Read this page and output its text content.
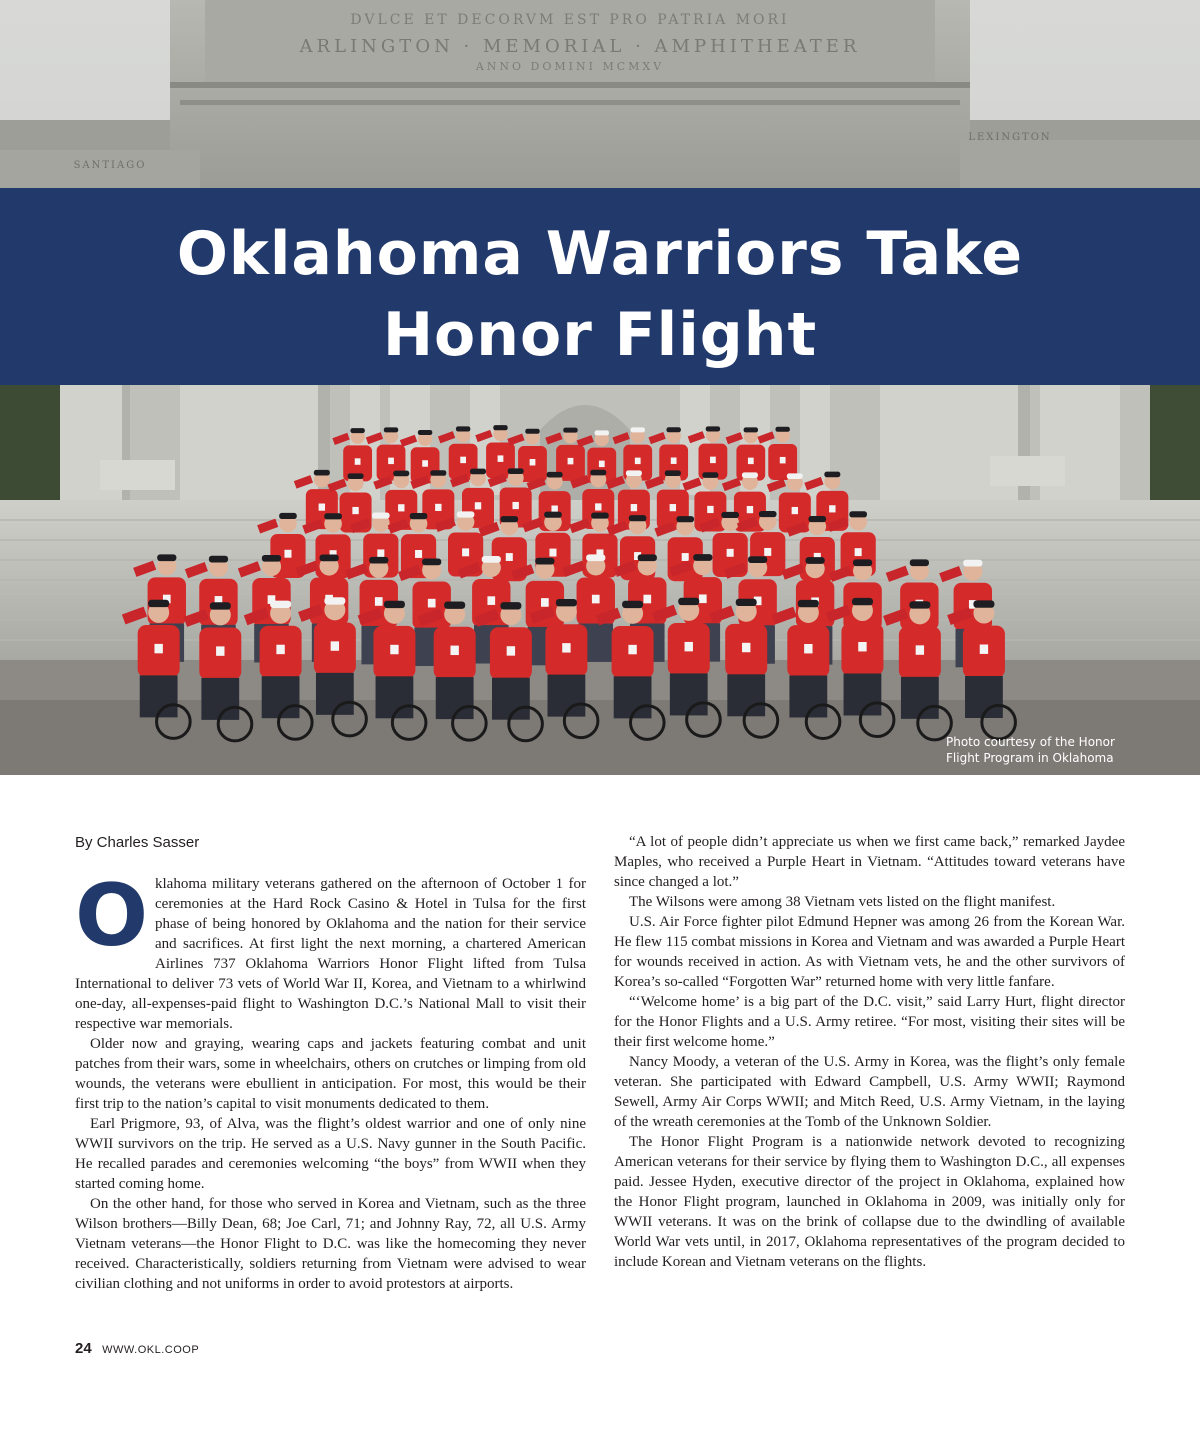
DVLCE ET DECORVM EST PRO PATRIA MORI
ARLINGTON · MEMORIAL · AMPHITHEATER
ANNO DOMINI MCMXV
SANTIAGO
LEXINGTON
Oklahoma Warriors Take
Honor Flight
Photo courtesy of the Honor
Flight Program in Oklahoma
By Charles Sasser

Oklahoma military veterans gathered on the afternoon of October 1 for ceremonies at the Hard Rock Casino & Hotel in Tulsa for the first phase of being honored by Oklahoma and the nation for their service and sacrifices. At first light the next morning, a chartered American Airlines 737 Oklahoma Warriors Honor Flight lifted from Tulsa International to deliver 73 vets of World War II, Korea, and Vietnam to a whirlwind one-day, all-expenses-paid flight to Washington D.C.’s National Mall to visit their respective war memorials.

Older now and graying, wearing caps and jackets featuring combat and unit patches from their wars, some in wheelchairs, others on crutches or limping from old wounds, the veterans were ebullient in anticipation. For most, this would be their first trip to the nation’s capital to visit monuments dedicated to them.

Earl Prigmore, 93, of Alva, was the flight’s oldest warrior and one of only nine WWII survivors on the trip. He served as a U.S. Navy gunner in the South Pacific. He recalled parades and ceremonies welcoming “the boys” from WWII when they started coming home.

On the other hand, for those who served in Korea and Vietnam, such as the three Wilson brothers—Billy Dean, 68; Joe Carl, 71; and Johnny Ray, 72, all U.S. Army Vietnam veterans—the Honor Flight to D.C. was like the homecoming they never received. Characteristically, soldiers returning from Vietnam were advised to wear civilian clothing and not uniforms in order to avoid protestors at airports.

“A lot of people didn’t appreciate us when we first came back,” remarked Jaydee Maples, who received a Purple Heart in Vietnam. “Attitudes toward veterans have since changed a lot.”

The Wilsons were among 38 Vietnam vets listed on the flight manifest.

U.S. Air Force fighter pilot Edmund Hepner was among 26 from the Korean War. He flew 115 combat missions in Korea and Vietnam and was awarded a Purple Heart for wounds received in action. As with Vietnam vets, he and the other survivors of Korea’s so-called “Forgotten War” returned home with very little fanfare.

“‘Welcome home’ is a big part of the D.C. visit,” said Larry Hurt, flight director for the Honor Flights and a U.S. Army retiree. “For most, visiting their sites will be their first welcome home.”

Nancy Moody, a veteran of the U.S. Army in Korea, was the flight’s only female veteran. She participated with Edward Campbell, U.S. Army WWII; Raymond Sewell, Army Air Corps WWII; and Mitch Reed, U.S. Army Vietnam, in the laying of the wreath ceremonies at the Tomb of the Unknown Soldier.

The Honor Flight Program is a nationwide network devoted to recognizing American veterans for their service by flying them to Washington D.C., all expenses paid. Jessee Hyden, executive director of the project in Oklahoma, explained how the Honor Flight program, launched in Oklahoma in 2009, was initially only for WWII veterans. It was on the brink of collapse due to the dwindling of available World War vets until, in 2017, Oklahoma representatives of the program decided to include Korean and Vietnam veterans on the flights.

24 WWW.OKL.COOP
